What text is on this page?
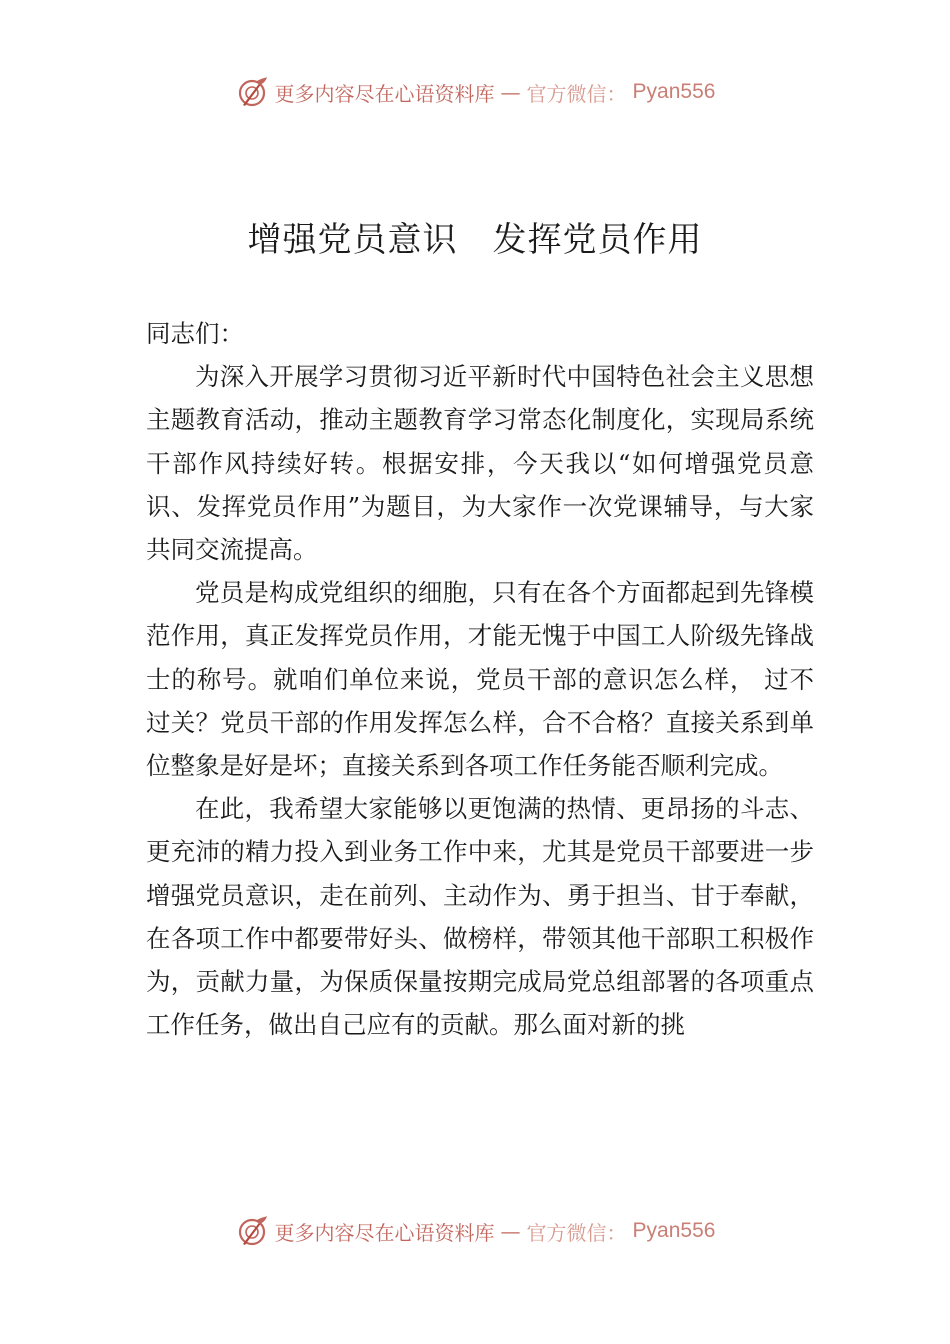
更多内容尽在心语资料库 — 官方微信： Pyan556
增强党员意识　发挥党员作用

同志们：

为深入开展学习贯彻习近平新时代中国特色社会主义思想主题教育活动，推动主题教育学习常态化制度化，实现局系统干部作风持续好转。根据安排，今天我以“如何增强党员意识、发挥党员作用”为题目，为大家作一次党课辅导，与大家共同交流提高。

党员是构成党组织的细胞，只有在各个方面都起到先锋模范作用，真正发挥党员作用，才能无愧于中国工人阶级先锋战士的称号。就咱们单位来说，党员干部的意识怎么样， 过不过关？党员干部的作用发挥怎么样，合不合格？直接关系到单位整象是好是坏；直接关系到各项工作任务能否顺利完成。

在此，我希望大家能够以更饱满的热情、更昂扬的斗志、更充沛的精力投入到业务工作中来，尤其是党员干部要进一步增强党员意识，走在前列、主动作为、勇于担当、甘于奉献，在各项工作中都要带好头、做榜样，带领其他干部职工积极作为，贡献力量，为保质保量按期完成局党总组部署的各项重点工作任务，做出自己应有的贡献。那么面对新的挑

更多内容尽在心语资料库 — 官方微信： Pyan556
